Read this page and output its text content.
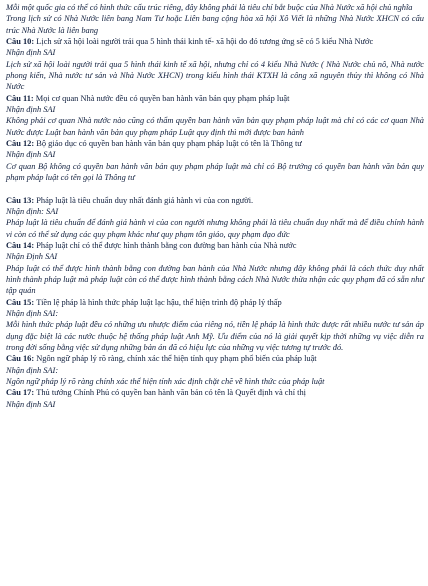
Mỗi một quốc gia có thể có hình thức cấu trúc riêng, đây không phải là tiêu chí bắt buộc của Nhà Nước xã hội chủ nghĩa
Trong lịch sử có Nhà Nước liên bang Nam Tư hoặc Liên bang cộng hòa xã hội Xô Viết là những Nhà Nước XHCN có cấu trúc Nhà Nước là liên bang
Câu 10: Lịch sử xã hội loài người trải qua 5 hình thái kinh tế- xã hội do đó tương ứng sẽ có 5 kiểu Nhà Nước
Nhận định SAI
Lịch sử xã hội loài người trải qua 5 hình thái kinh tế xã hội, nhưng chỉ có 4 kiểu Nhà Nước ( Nhà Nước chủ nô, Nhà nước phong kiến, Nhà nước tư sản và Nhà Nước XHCN) trong kiểu hình thái KTXH là công xã nguyên thủy thì không có Nhà Nước
Câu 11: Mọi cơ quan Nhà nước đều có quyền ban hành văn bản quy phạm pháp luật
Nhận định SAI
Không phải cơ quan Nhà nước nào cũng có thẩm quyền ban hành văn bản quy phạm pháp luật mà chỉ có các cơ quan Nhà Nước được Luật ban hành văn bản quy phạm pháp Luật quy định thì mới được ban hành
Câu 12: Bộ giáo dục có quyền ban hành văn bản quy phạm pháp luật có tên là Thông tư
Nhận định SAI
Cơ quan Bộ không có quyền ban hành văn bản quy phạm pháp luật mà chỉ có Bộ trưởng có quyền ban hành văn bản quy phạm pháp luật có tên gọi là Thông tư
Câu 13: Pháp luật là tiêu chuẩn duy nhất đánh giá hành vi của con người.
Nhận định: SAI
Pháp luật là tiêu chuẩn để đánh giá hành vi của con người nhưng không phải là tiêu chuẩn duy nhất mà để điều chỉnh hành vi còn có thể sử dụng các quy phạm khác như quy phạm tôn giáo, quy phạm đạo đức
Câu 14: Pháp luật chỉ có thể được hình thành bằng con đường ban hành của Nhà nước
Nhận Định SAI
Pháp luật có thể được hình thành bằng con đường ban hành của Nhà Nước nhưng đây không phải là cách thức duy nhất hình thành pháp luật mà pháp luật còn có thể được hình thành bằng cách Nhà Nước thừa nhận các quy phạm đã có sẵn như tập quán
Câu 15: Tiền lệ pháp là hình thức pháp luật lạc hậu, thể hiện trình độ pháp lý thấp
Nhận định SAI:
Mỗi hình thức pháp luật đều có những ưu nhược điểm của riêng nó, tiền lệ pháp là hình thức được rất nhiều nước tư sản áp dụng đặc biệt là các nước thuộc hệ thống pháp luật Anh Mỹ. Ưu điểm của nó là giải quyết kịp thời những vụ việc diễn ra trong đời sống bằng việc sử dụng những bản án đã có hiệu lực của những vụ việc tương tự trước đó.
Câu 16: Ngôn ngữ pháp lý rõ ràng, chính xác thể hiện tính quy phạm phổ biến của pháp luật
Nhận định SAI:
Ngôn ngữ pháp lý rõ ràng chính xác thể hiện tính xác định chặt chẽ về hình thức của pháp luật
Câu 17: Thủ tướng Chính Phủ có quyền ban hành văn bản có tên là Quyết định và chỉ thị
Nhận định SAI
